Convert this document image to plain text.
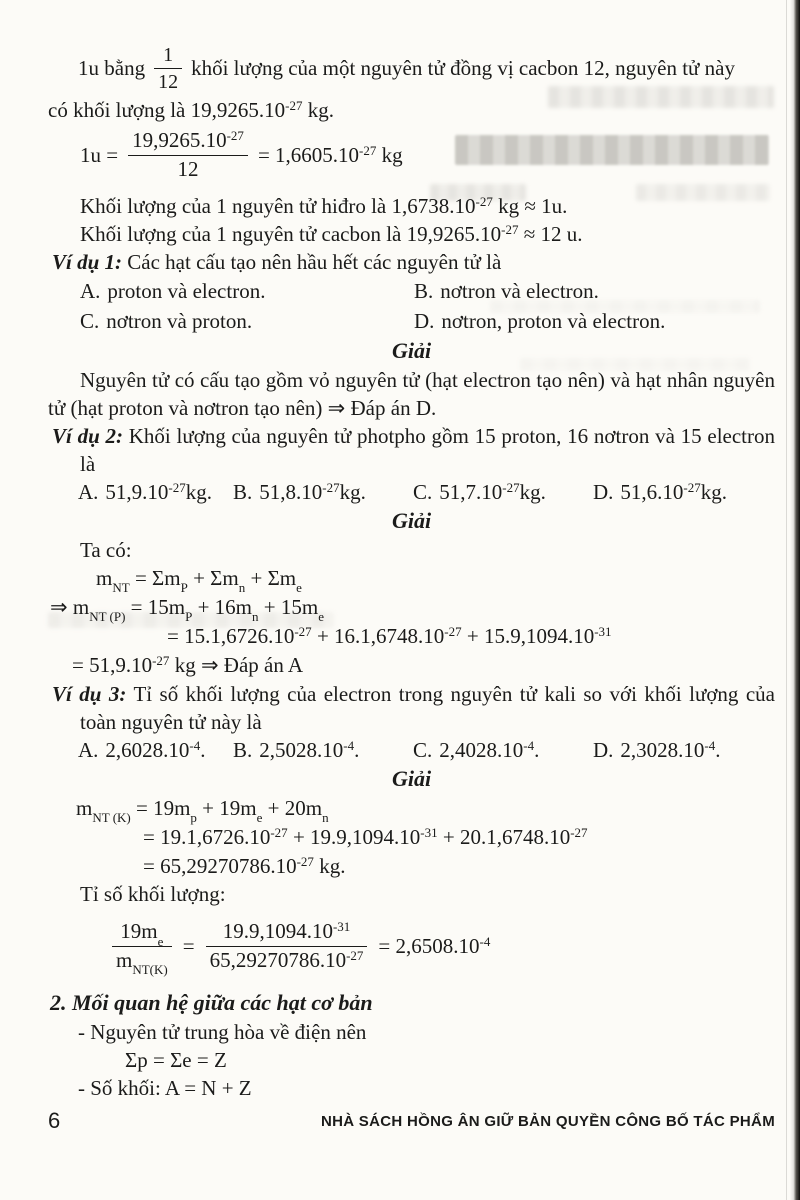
1u bằng $\frac{1}{12}$ khối lượng của một nguyên tử đồng vị cacbon 12, nguyên tử này

có khối lượng là $19,9265.10^{-27}$ kg.

$1u = \frac{19,9265.10^{-27}}{12} = 1,6605.10^{-27}$ kg

Khối lượng của 1 nguyên tử hiđro là $1,6738.10^{-27}$ kg ≈ 1u.

Khối lượng của 1 nguyên tử cacbon là $19,9265.10^{-27} \approx 12$ u.

Ví dụ 1: Các hạt cấu tạo nên hầu hết các nguyên tử là

A. proton và electron.	B. nơtron và electron.
C. nơtron và proton.	D. nơtron, proton và electron.

Giải

Nguyên tử có cấu tạo gồm vỏ nguyên tử (hạt electron tạo nên) và hạt nhân nguyên tử (hạt proton và nơtron tạo nên) ⇒ Đáp án D.

Ví dụ 2: Khối lượng của nguyên tử photpho gồm 15 proton, 16 nơtron và 15 electron là

A. $51,9.10^{-27}kg$. B. $51,8.10^{-27}kg$.	C. $51,7.10^{-27}kg$.	D. $51,6.10^{-27}kg$.

Giải

Ta có:

$m_{NT} = \Sigma m_P + \Sigma m_n + \Sigma m_e$

⇒ $m_{NT (P)} = 15m_P + 16m_n + 15m_e$

= $15.1,6726.10^{-27} + 16.1,6748.10^{-27} + 15.9,1094.10^{-31}$

= $51,9.10^{-27}$ kg ⇒ Đáp án A

Ví dụ 3: Tỉ số khối lượng của electron trong nguyên tử kali so với khối lượng của toàn nguyên tử này là

A. $2,6028.10^{-4}$.	B. $2,5028.10^{-4}$.	C. $2,4028.10^{-4}$.	D. $2,3028.10^{-4}$.

Giải

$m_{NT (K)} = 19m_p + 19m_e + 20m_n$

= $19.1,6726.10^{-27} + 19.9,1094.10^{-31} + 20.1,6748.10^{-27}$

= $65,29270786.10^{-27}$ kg.

Tỉ số khối lượng:

$\frac{19m_e}{m_{NT(K)}} = \frac{19.9,1094.10^{-31}}{65,29270786.10^{-27}} = 2,6508.10^{-4}$

2. Mối quan hệ giữa các hạt cơ bản

- Nguyên tử trung hòa về điện nên

Σp = Σe = Z

- Số khối: A = N + Z

6	NHÀ SÁCH HỒNG ÂN GIỮ BẢN QUYỀN CÔNG BỐ TÁC PHẨM
